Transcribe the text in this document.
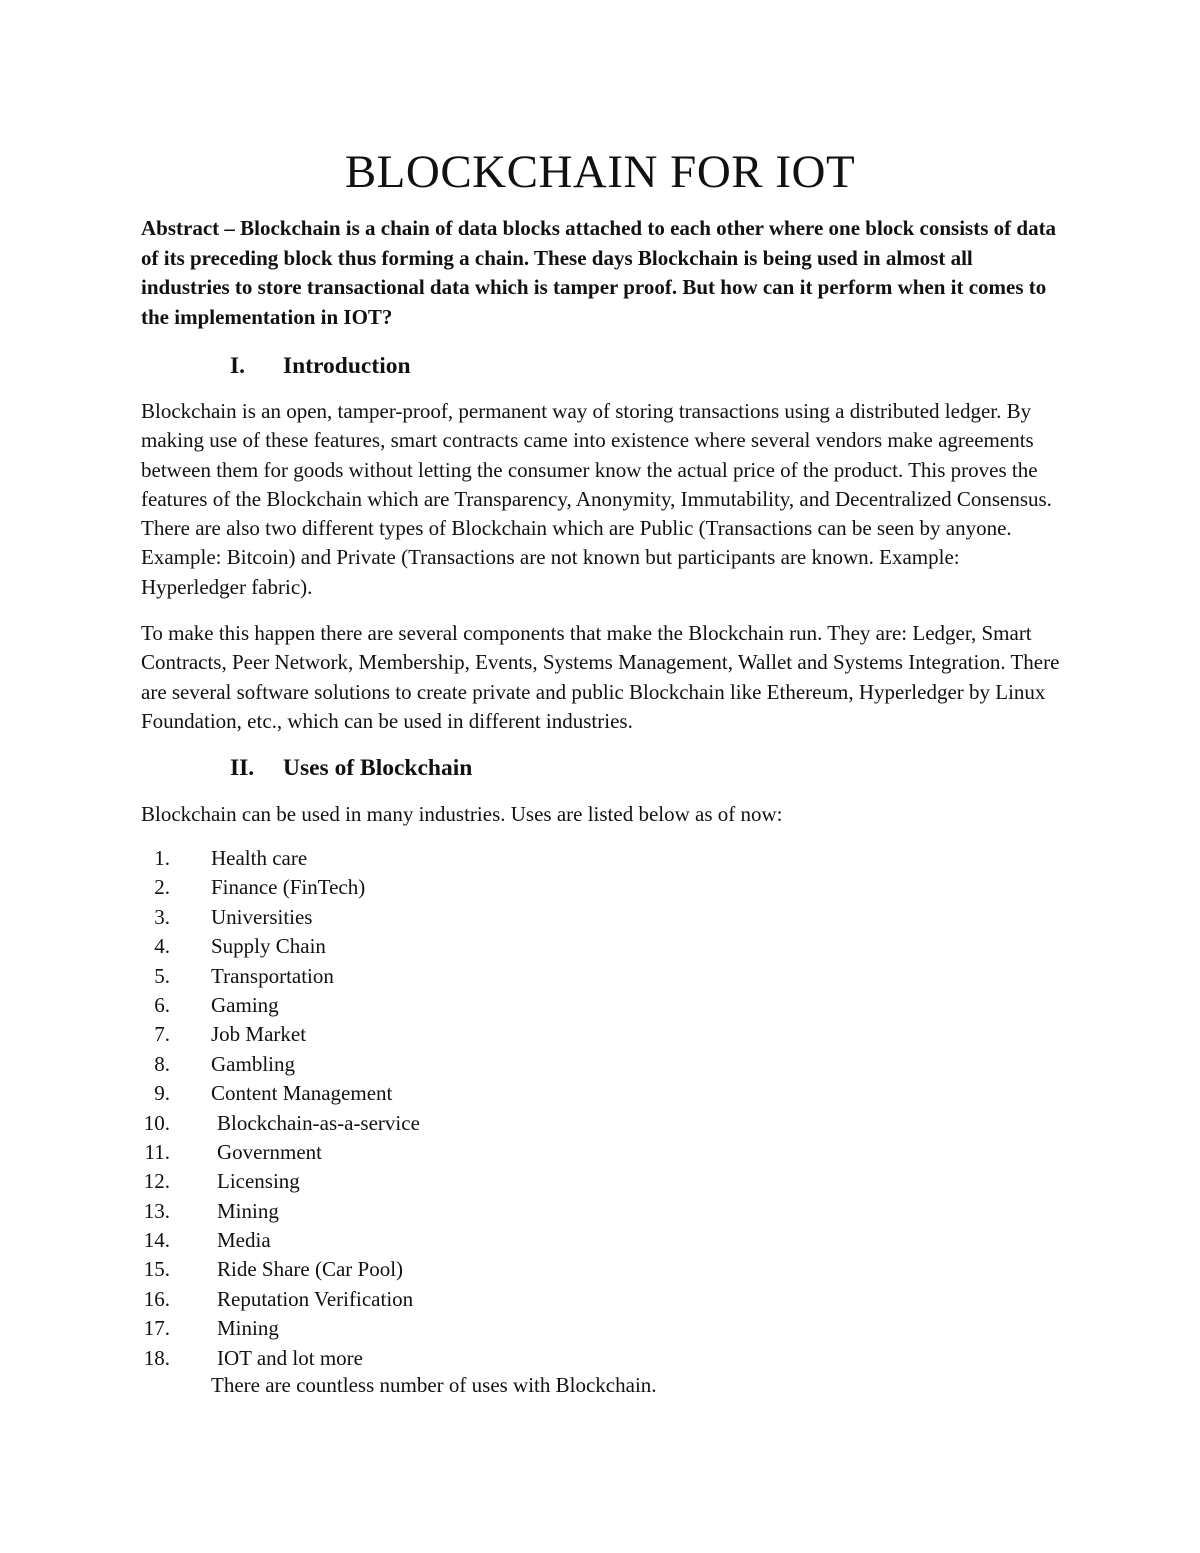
BLOCKCHAIN FOR IOT
Abstract – Blockchain is a chain of data blocks attached to each other where one block consists of data of its preceding block thus forming a chain. These days Blockchain is being used in almost all industries to store transactional data which is tamper proof. But how can it perform when it comes to the implementation in IOT?
I. Introduction
Blockchain is an open, tamper-proof, permanent way of storing transactions using a distributed ledger. By making use of these features, smart contracts came into existence where several vendors make agreements between them for goods without letting the consumer know the actual price of the product. This proves the features of the Blockchain which are Transparency, Anonymity, Immutability, and Decentralized Consensus. There are also two different types of Blockchain which are Public (Transactions can be seen by anyone. Example: Bitcoin) and Private (Transactions are not known but participants are known. Example: Hyperledger fabric).
To make this happen there are several components that make the Blockchain run. They are: Ledger, Smart Contracts, Peer Network, Membership, Events, Systems Management, Wallet and Systems Integration. There are several software solutions to create private and public Blockchain like Ethereum, Hyperledger by Linux Foundation, etc., which can be used in different industries.
II. Uses of Blockchain
Blockchain can be used in many industries. Uses are listed below as of now:
1. Health care
2. Finance (FinTech)
3. Universities
4. Supply Chain
5. Transportation
6. Gaming
7. Job Market
8. Gambling
9. Content Management
10. Blockchain-as-a-service
11. Government
12. Licensing
13. Mining
14. Media
15. Ride Share (Car Pool)
16. Reputation Verification
17. Mining
18. IOT and lot more
There are countless number of uses with Blockchain.
